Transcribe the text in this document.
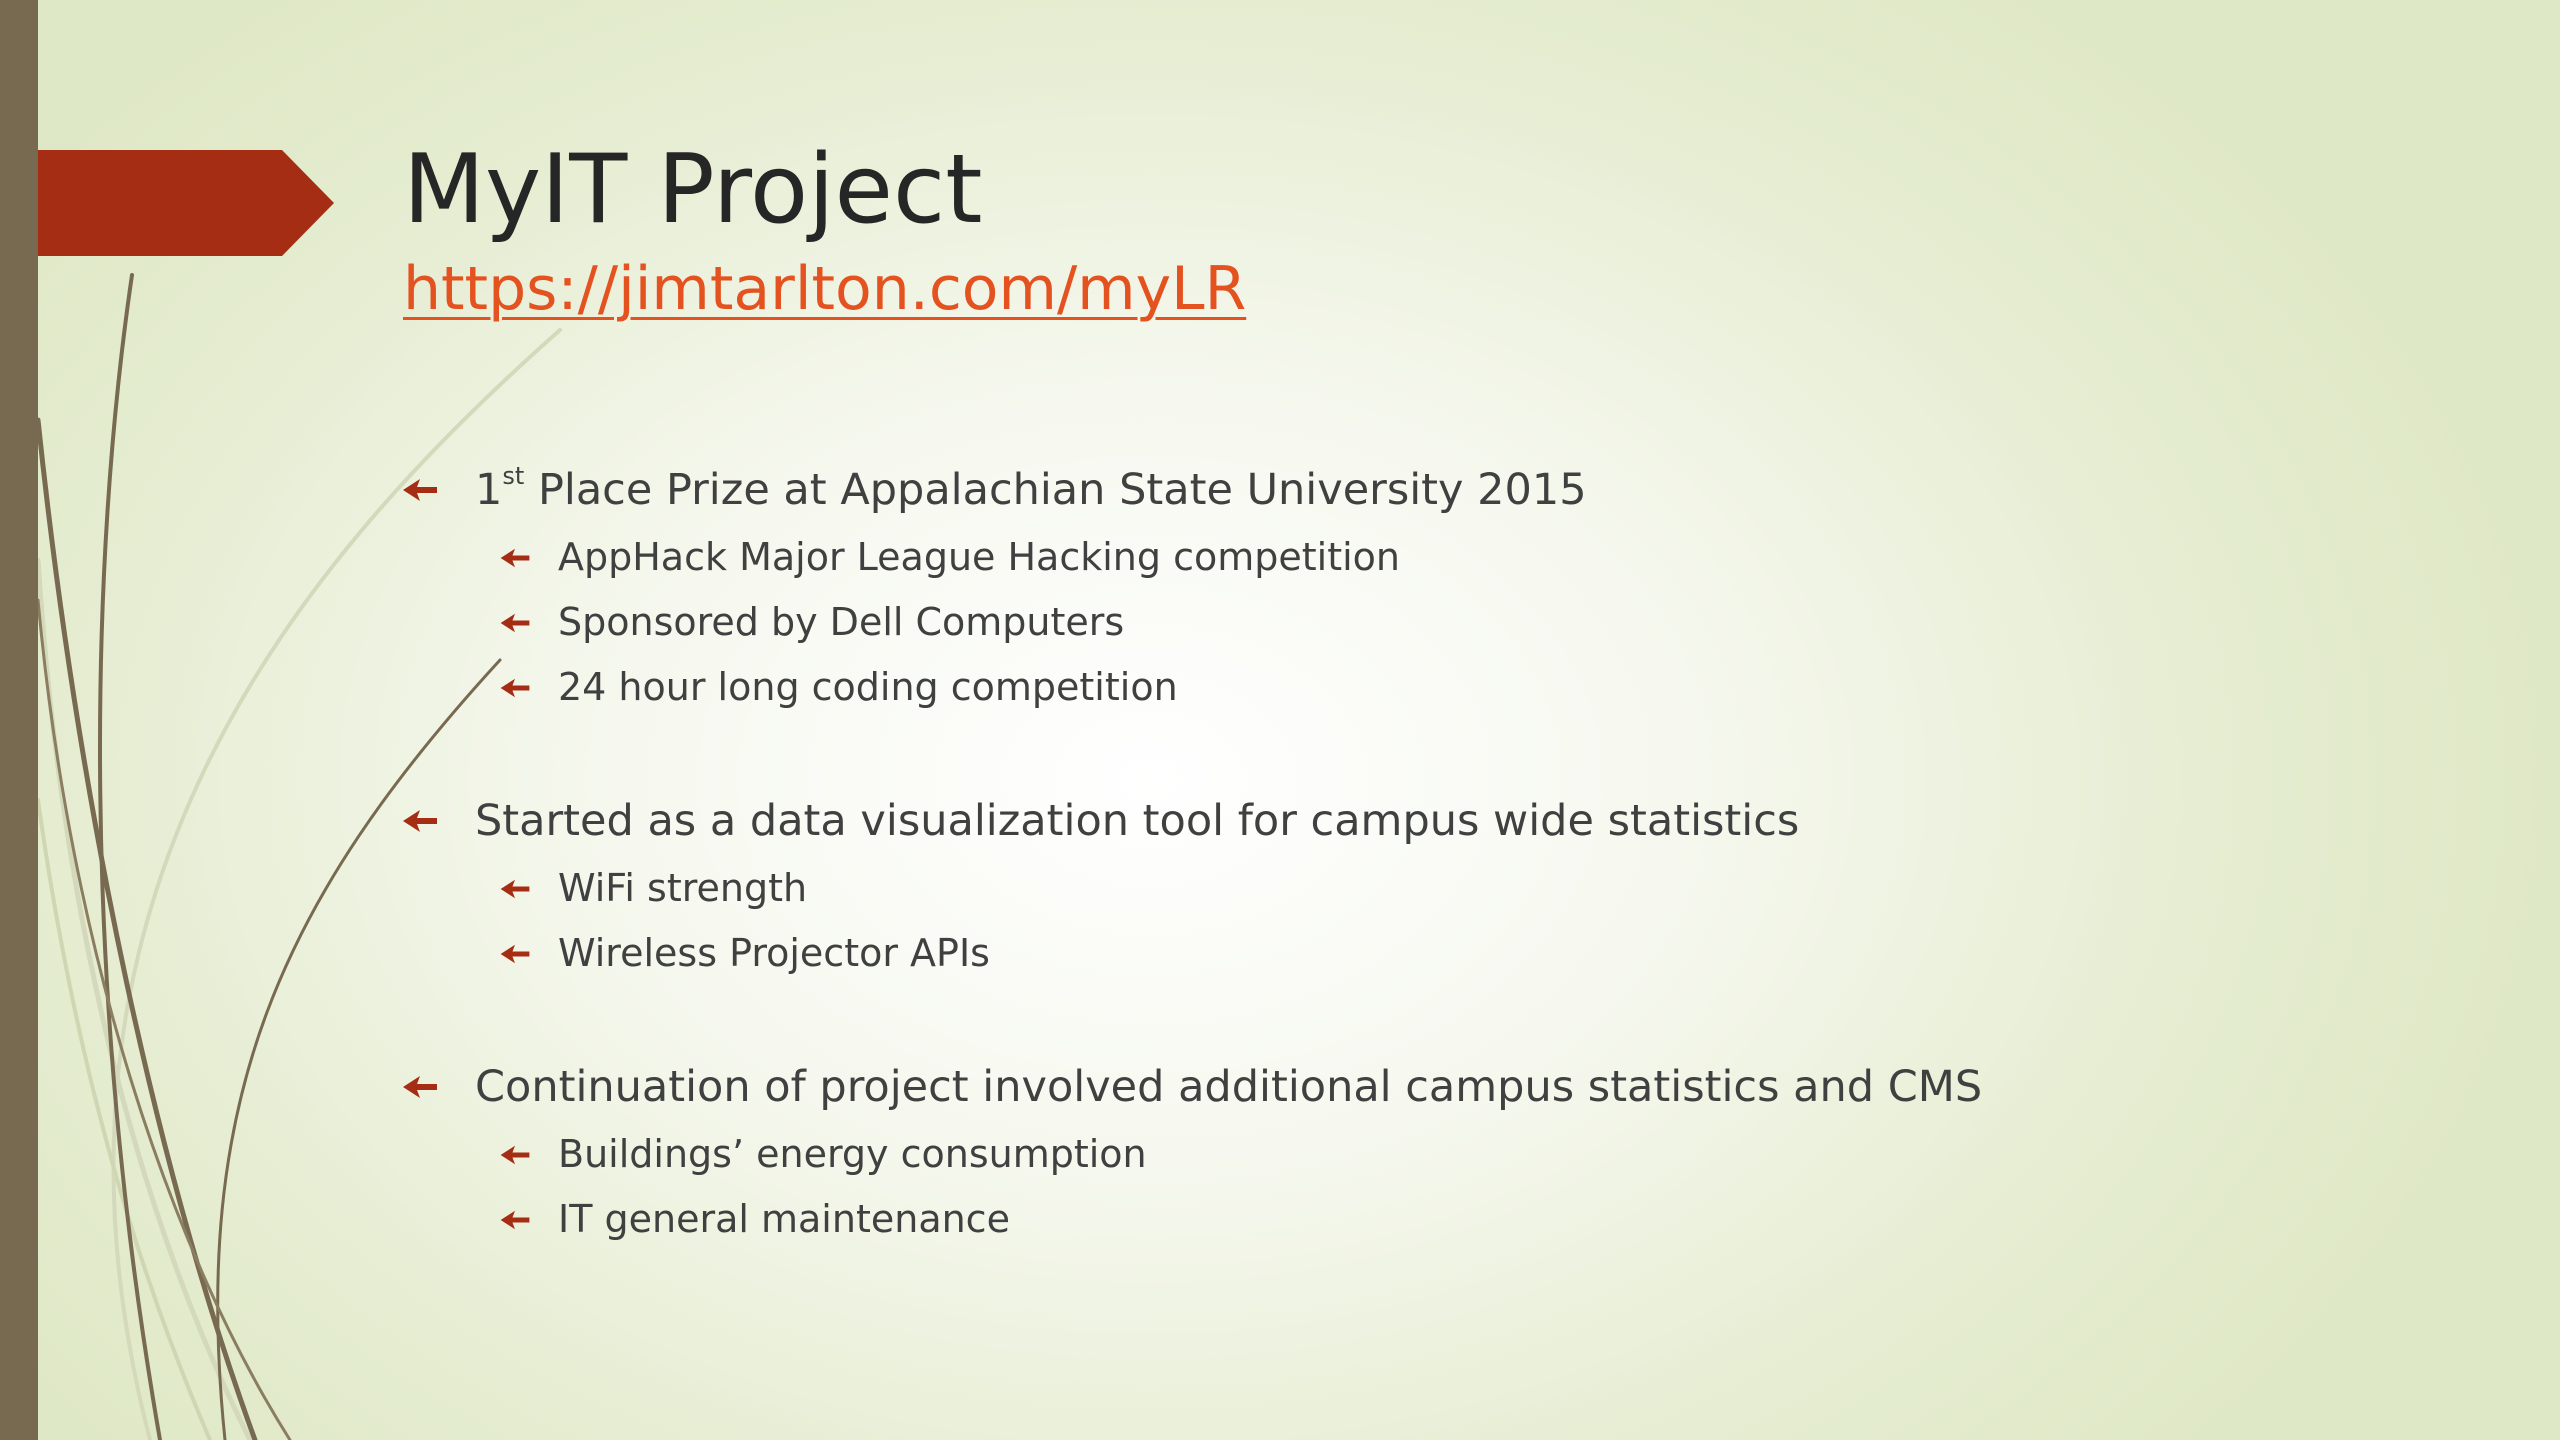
MyIT Project
https://jimtarlton.com/myLR
1st Place Prize at Appalachian State University 2015
AppHack Major League Hacking competition
Sponsored by Dell Computers
24 hour long coding competition
Started as a data visualization tool for campus wide statistics
WiFi strength
Wireless Projector APIs
Continuation of project involved additional campus statistics and CMS
Buildings’ energy consumption
IT general maintenance
